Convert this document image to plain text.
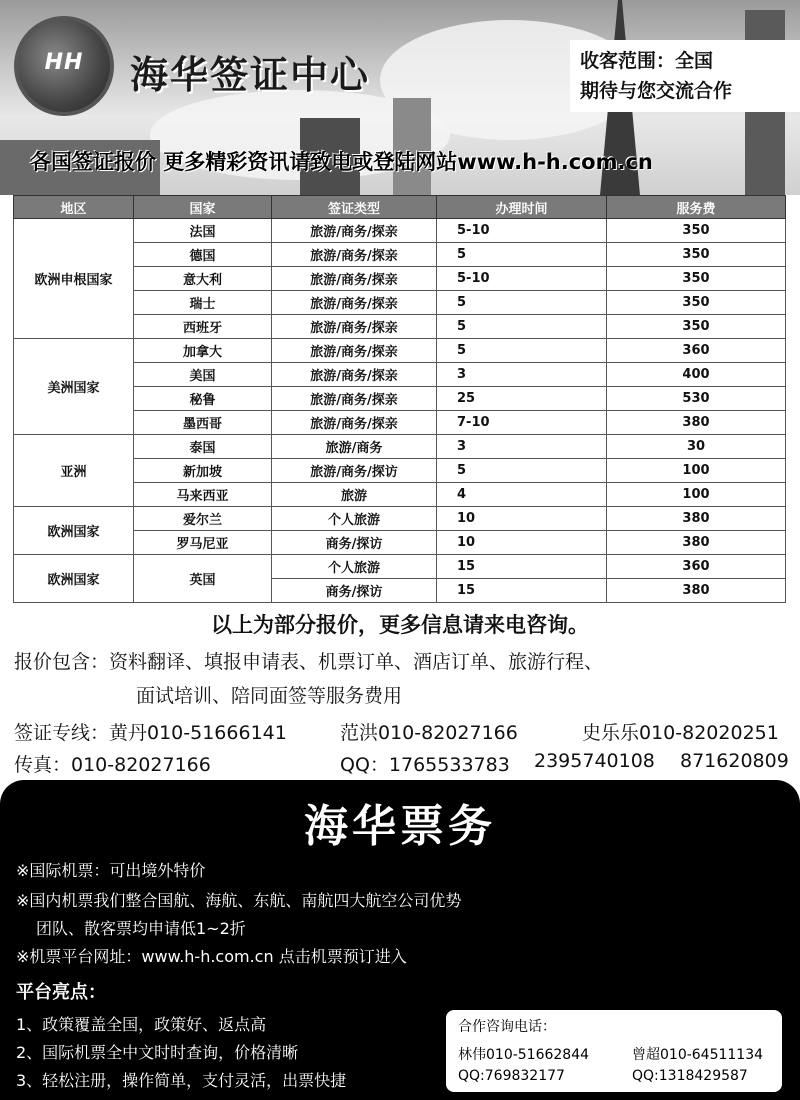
HH	海华签证中心	收客范围：全国
期待与您交流合作
各国签证报价 更多精彩资讯请致电或登陆网站www.h-h.com.cn
地区	国家	签证类型	办理时间	服务费
欧洲申根国家	法国	旅游/商务/探亲	5-10	350
	德国	旅游/商务/探亲	5	350
	意大利	旅游/商务/探亲	5-10	350
	瑞士	旅游/商务/探亲	5	350
	西班牙	旅游/商务/探亲	5	350
美洲国家	加拿大	旅游/商务/探亲	5	360
	美国	旅游/商务/探亲	3	400
	秘鲁	旅游/商务/探亲	25	530
	墨西哥	旅游/商务/探亲	7-10	380
亚洲	泰国	旅游/商务	3	30
	新加坡	旅游/商务/探访	5	100
	马来西亚	旅游	4	100
欧洲国家	爱尔兰	个人旅游	10	380
	罗马尼亚	商务/探访	10	380
欧洲国家	英国	个人旅游	15	360
		商务/探访	15	380
以上为部分报价，更多信息请来电咨询。
报价包含：资料翻译、填报申请表、机票订单、酒店订单、旅游行程、
面试培训、陪同面签等服务费用
签证专线：黄丹010-51666141	范洪010-82027166	史乐乐010-82020251
传真：010-82027166	QQ：1765533783 2395740108 871620809
海华票务
※国际机票：可出境外特价
※国内机票我们整合国航、海航、东航、南航四大航空公司优势
团队、散客票均申请低1~2折
※机票平台网址：www.h-h.com.cn 点击机票预订进入
平台亮点：
1、政策覆盖全国，政策好、返点高
2、国际机票全中文时时查询，价格清晰
3、轻松注册，操作简单，支付灵活，出票快捷
合作咨询电话：
林伟010-51662844	曾超010-64511134
QQ:769832177	QQ:1318429587
